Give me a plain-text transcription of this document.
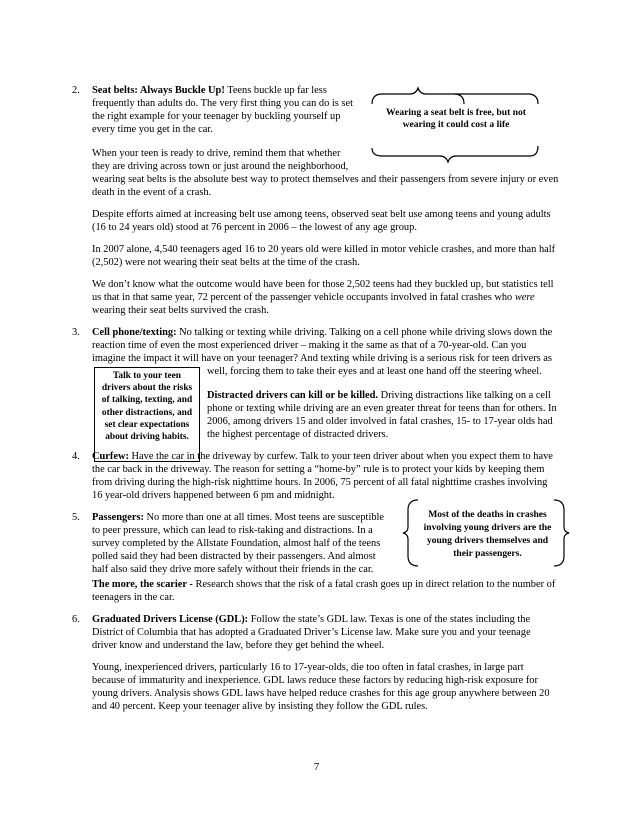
2. Seat belts: Always Buckle Up! Teens buckle up far less
frequently than adults do. The very first thing you can do is set
the right example for your teenager by buckling yourself up
every time you get in the car.
Wearing a seat belt is free, but not
wearing it could cost a life
When your teen is ready to drive, remind them that whether
they are driving across town or just around the neighborhood,
wearing seat belts is the absolute best way to protect themselves and their passengers from severe injury or even
death in the event of a crash.
Despite efforts aimed at increasing belt use among teens, observed seat belt use among teens and young adults
(16 to 24 years old) stood at 76 percent in 2006 – the lowest of any age group.
In 2007 alone, 4,540 teenagers aged 16 to 20 years old were killed in motor vehicle crashes, and more than half
(2,502) were not wearing their seat belts at the time of the crash.
We don’t know what the outcome would have been for those 2,502 teens had they buckled up, but statistics tell
us that in that same year, 72 percent of the passenger vehicle occupants involved in fatal crashes who were
wearing their seat belts survived the crash.
3. Cell phone/texting: No talking or texting while driving. Talking on a cell phone while driving slows down the
reaction time of even the most experienced driver – making it the same as that of a 70-year-old. Can you
imagine the impact it will have on your teenager? And texting while driving is a serious risk for teen drivers as
well, forcing them to take their eyes and at least one hand off the steering wheel.
Talk to your teen
drivers about the risks
of talking, texting, and
other distractions, and
set clear expectations
about driving habits.
Distracted drivers can kill or be killed. Driving distractions like talking on a cell
phone or texting while driving are an even greater threat for teens than for others. In
2006, among drivers 15 and older involved in fatal crashes, 15- to 17-year olds had
the highest percentage of distracted drivers.
4. Curfew: Have the car in the driveway by curfew. Talk to your teen driver about when you expect them to have
the car back in the driveway. The reason for setting a “home-by” rule is to protect your kids by keeping them
from driving during the high-risk nighttime hours. In 2006, 75 percent of all fatal nighttime crashes involving
16 year-old drivers happened between 6 pm and midnight.
5. Passengers: No more than one at all times. Most teens are susceptible
to peer pressure, which can lead to risk-taking and distractions. In a
survey completed by the Allstate Foundation, almost half of the teens
polled said they had been distracted by their passengers. And almost
half also said they drive more safely without their friends in the car.
Most of the deaths in crashes
involving young drivers are the
young drivers themselves and
their passengers.
The more, the scarier - Research shows that the risk of a fatal crash goes up in direct relation to the number of
teenagers in the car.
6. Graduated Drivers License (GDL): Follow the state’s GDL law. Texas is one of the states including the
District of Columbia that has adopted a Graduated Driver’s License law. Make sure you and your teenage
driver know and understand the law, before they get behind the wheel.
Young, inexperienced drivers, particularly 16 to 17-year-olds, die too often in fatal crashes, in large part
because of immaturity and inexperience. GDL laws reduce these factors by reducing high-risk exposure for
young drivers. Analysis shows GDL laws have helped reduce crashes for this age group anywhere between 20
and 40 percent. Keep your teenager alive by insisting they follow the GDL rules.
7
